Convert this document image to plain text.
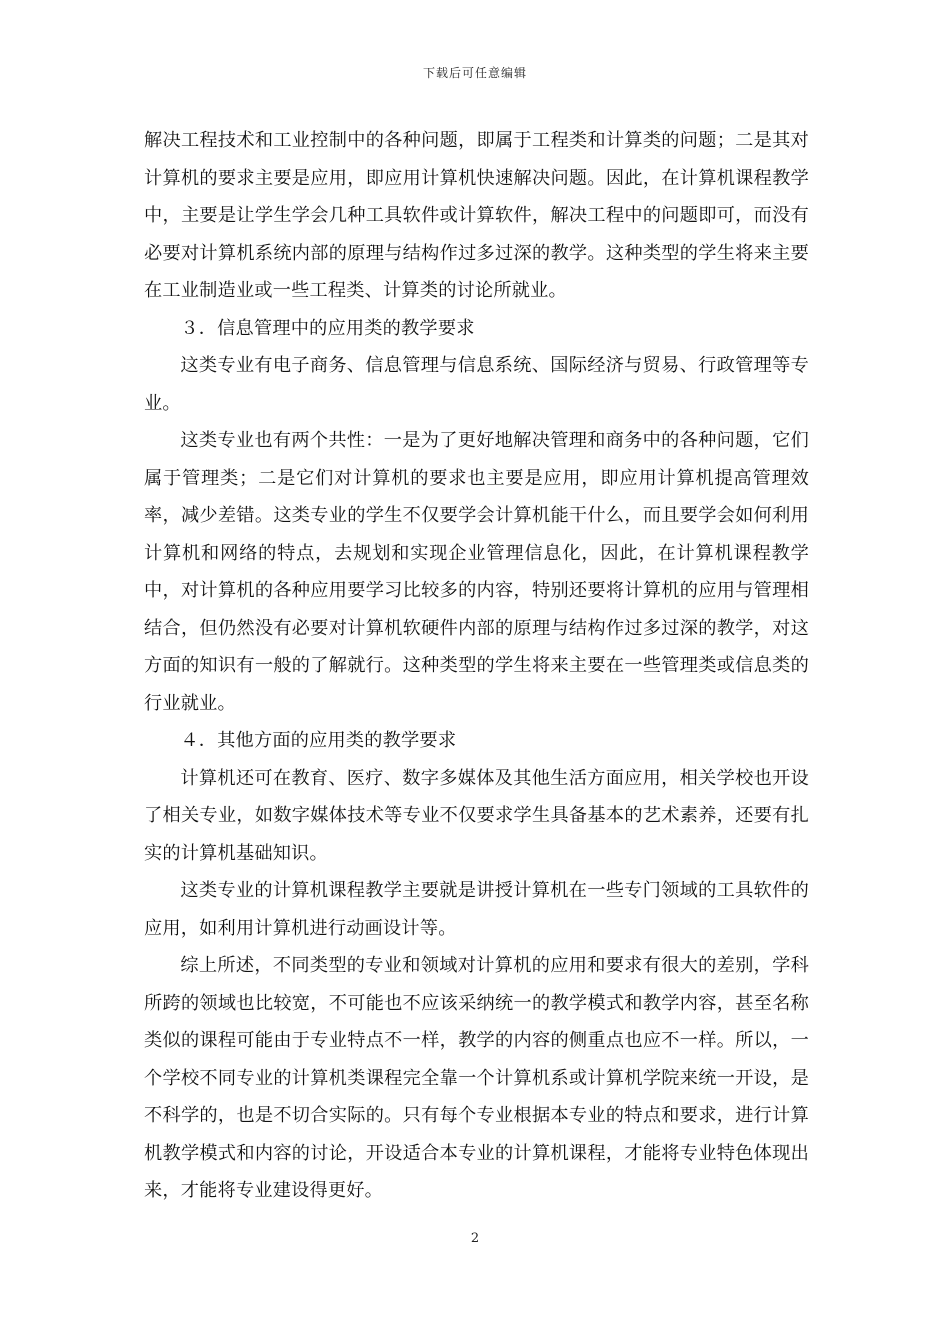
下载后可任意编辑

解决工程技术和工业控制中的各种问题，即属于工程类和计算类的问题；二是其对计算机的要求主要是应用，即应用计算机快速解决问题。因此，在计算机课程教学中，主要是让学生学会几种工具软件或计算软件，解决工程中的问题即可，而没有必要对计算机系统内部的原理与结构作过多过深的教学。这种类型的学生将来主要在工业制造业或一些工程类、计算类的讨论所就业。

３．信息管理中的应用类的教学要求

这类专业有电子商务、信息管理与信息系统、国际经济与贸易、行政管理等专业。

这类专业也有两个共性：一是为了更好地解决管理和商务中的各种问题，它们属于管理类；二是它们对计算机的要求也主要是应用，即应用计算机提高管理效率，减少差错。这类专业的学生不仅要学会计算机能干什么，而且要学会如何利用计算机和网络的特点，去规划和实现企业管理信息化，因此，在计算机课程教学中，对计算机的各种应用要学习比较多的内容，特别还要将计算机的应用与管理相结合，但仍然没有必要对计算机软硬件内部的原理与结构作过多过深的教学，对这方面的知识有一般的了解就行。这种类型的学生将来主要在一些管理类或信息类的行业就业。

４．其他方面的应用类的教学要求

计算机还可在教育、医疗、数字多媒体及其他生活方面应用，相关学校也开设了相关专业，如数字媒体技术等专业不仅要求学生具备基本的艺术素养，还要有扎实的计算机基础知识。

这类专业的计算机课程教学主要就是讲授计算机在一些专门领域的工具软件的应用，如利用计算机进行动画设计等。

综上所述，不同类型的专业和领域对计算机的应用和要求有很大的差别，学科所跨的领域也比较宽，不可能也不应该采纳统一的教学模式和教学内容，甚至名称类似的课程可能由于专业特点不一样，教学的内容的侧重点也应不一样。所以，一个学校不同专业的计算机类课程完全靠一个计算机系或计算机学院来统一开设，是不科学的，也是不切合实际的。只有每个专业根据本专业的特点和要求，进行计算机教学模式和内容的讨论，开设适合本专业的计算机课程，才能将专业特色体现出来，才能将专业建设得更好。

2
